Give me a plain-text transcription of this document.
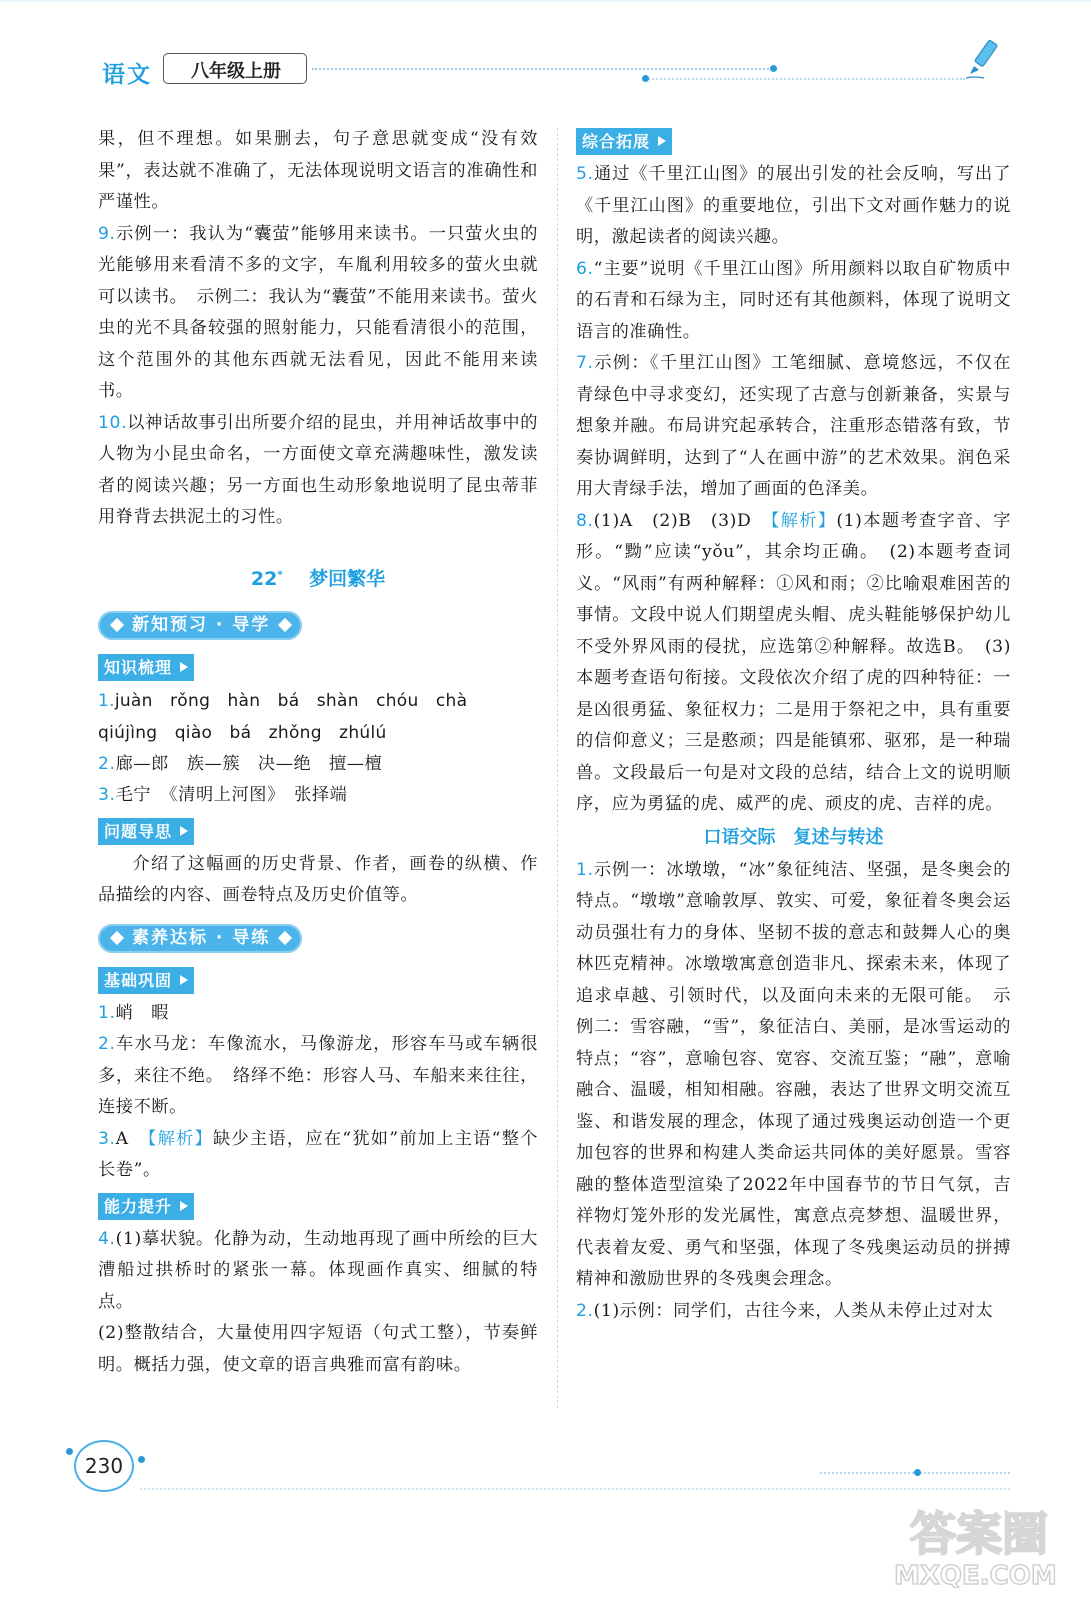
语文	八年级上册
果，但不理想。如果删去，句子意思就变成“没有效果”，表达就不准确了，无法体现说明文语言的准确性和严谨性。
9.示例一：我认为“囊萤”能够用来读书。一只萤火虫的光能够用来看清不多的文字，车胤利用较多的萤火虫就可以读书。　示例二：我认为“囊萤”不能用来读书。萤火虫的光不具备较强的照射能力，只能看清很小的范围，这个范围外的其他东西就无法看见，因此不能用来读书。
10.以神话故事引出所要介绍的昆虫，并用神话故事中的人物为小昆虫命名，一方面使文章充满趣味性，激发读者的阅读兴趣；另一方面也生动形象地说明了昆虫蒂菲用脊背去拱泥土的习性。
22* 梦回繁华
新知预习 · 导学
知识梳理
1.juàn　rǒng　hàn　bá　shàn　chóu　chà
qiújìng　qiào　bá　zhǒng　zhúlú
2.廊—郎　族—簇　决—绝　擅—檀
3.毛宁　《清明上河图》　张择端
问题导思
介绍了这幅画的历史背景、作者，画卷的纵横、作品描绘的内容、画卷特点及历史价值等。
素养达标 · 导练
基础巩固
1.峭　暇
2.车水马龙：车像流水，马像游龙，形容车马或车辆很多，来往不绝。　络绎不绝：形容人马、车船来来往往，连接不断。
3.A　【解析】缺少主语，应在“犹如”前加上主语“整个长卷”。
能力提升
4.(1)摹状貌。化静为动，生动地再现了画中所绘的巨大漕船过拱桥时的紧张一幕。体现画作真实、细腻的特点。
(2)整散结合，大量使用四字短语（句式工整），节奏鲜明。概括力强，使文章的语言典雅而富有韵味。
综合拓展
5.通过《千里江山图》的展出引发的社会反响，写出了《千里江山图》的重要地位，引出下文对画作魅力的说明，激起读者的阅读兴趣。
6.“主要”说明《千里江山图》所用颜料以取自矿物质中的石青和石绿为主，同时还有其他颜料，体现了说明文语言的准确性。
7.示例：《千里江山图》工笔细腻、意境悠远，不仅在青绿色中寻求变幻，还实现了古意与创新兼备，实景与想象并融。布局讲究起承转合，注重形态错落有致，节奏协调鲜明，达到了“人在画中游”的艺术效果。润色采用大青绿手法，增加了画面的色泽美。
8.(1)A　(2)B　(3)D　【解析】(1)本题考查字音、字形。“黝”应读“yǒu”，其余均正确。　(2)本题考查词义。“风雨”有两种解释：①风和雨；②比喻艰难困苦的事情。文段中说人们期望虎头帽、虎头鞋能够保护幼儿不受外界风雨的侵扰，应选第②种解释。故选B。　(3)本题考查语句衔接。文段依次介绍了虎的四种特征：一是凶很勇猛、象征权力；二是用于祭祀之中，具有重要的信仰意义；三是憨顽；四是能镇邪、驱邪，是一种瑞兽。文段最后一句是对文段的总结，结合上文的说明顺序，应为勇猛的虎、威严的虎、顽皮的虎、吉祥的虎。
口语交际　复述与转述
1.示例一：冰墩墩，“冰”象征纯洁、坚强，是冬奥会的特点。“墩墩”意喻敦厚、敦实、可爱，象征着冬奥会运动员强壮有力的身体、坚韧不拔的意志和鼓舞人心的奥林匹克精神。冰墩墩寓意创造非凡、探索未来，体现了追求卓越、引领时代，以及面向未来的无限可能。　示例二：雪容融，“雪”，象征洁白、美丽，是冰雪运动的特点；“容”，意喻包容、宽容、交流互鉴；“融”，意喻融合、温暖，相知相融。容融，表达了世界文明交流互鉴、和谐发展的理念，体现了通过残奥运动创造一个更加包容的世界和构建人类命运共同体的美好愿景。雪容融的整体造型渲染了2022年中国春节的节日气氛，吉祥物灯笼外形的发光属性，寓意点亮梦想、温暖世界，代表着友爱、勇气和坚强，体现了冬残奥运动员的拼搏精神和激励世界的冬残奥会理念。
2.(1)示例：同学们，古往今来，人类从未停止过对太
230
答案圈
MXQE.COM
